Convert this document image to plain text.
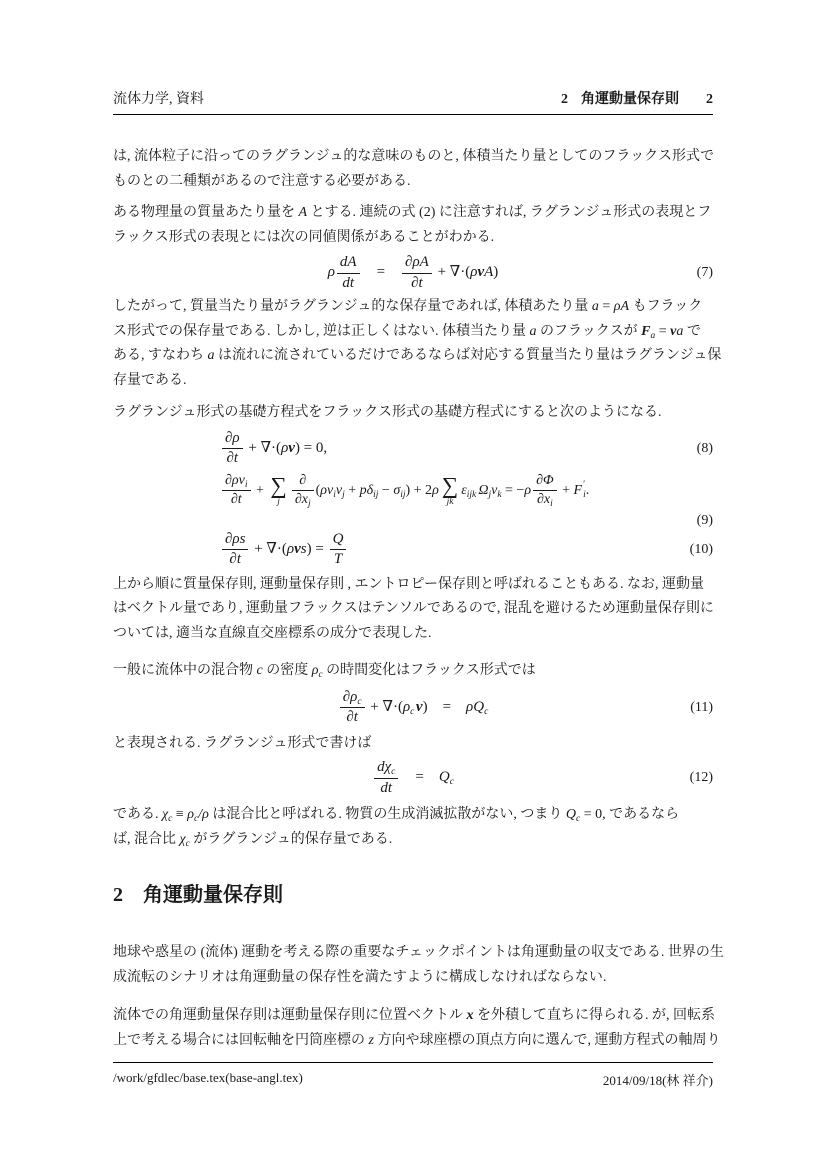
流体力学, 資料	2 角運動量保存則 2
は, 流体粒子に沿ってのラグランジュ的な意味のものと, 体積当たり量としてのフラックス形式で
ものとの二種類があるので注意する必要がある.
ある物理量の質量あたり量を A とする. 連続の式 (2) に注意すれば, ラグランジュ形式の表現とフ
ラックス形式の表現とには次の同値関係があることがわかる.
ρ $\frac{dA}{dt} = \frac{\partial\rho A}{\partial t} + \nabla\cdot(\rho vA)$	(7)
したがって, 質量当たり量がラグランジュ的な保存量であれば, 体積あたり量 a = ρA もフラック
ス形式での保存量である. しかし, 逆は正しくはない. 体積当たり量 a のフラックスが $F_a$ = va で
ある, すなわち a は流れに流されているだけであるならば対応する質量当たり量はラグランジュ保
存量である.
ラグランジュ形式の基礎方程式をフラックス形式の基礎方程式にすると次のようになる.
$\frac{\partial\rho}{\partial t} + \nabla\cdot(\rho v) = 0$,	(8)
$\frac{\partial\rho v_i}{\partial t}$ + ∑
j $\frac{\partial}{\partial x_j} (\rho v_iv_j + p\delta_{ij} - \sigma_{ij}) + 2\rho$ ∑
jk
$\varepsilon_{ijk}$ $\Omega_jv_k = -\rho \frac{\partial\Phi}{\partial x_i} + F$ ′
i .
(9)
$\frac{\partial\rho s}{\partial t} + \nabla\cdot(\rho vs) = \frac{Q}{T}$	(10)
上から順に質量保存則, 運動量保存則 , エントロピー保存則と呼ばれることもある. なお, 運動量
はベクトル量であり, 運動量フラックスはテンソルであるので, 混乱を避けるため運動量保存則に
ついては, 適当な直線直交座標系の成分で表現した.
一般に流体中の混合物 c の密度 $\rho_c$ の時間変化はフラックス形式では
$\frac{\partial\rho_c}{\partial t} + \nabla\cdot(\rho_c$ $v) = \rho Q_c$	(11)
と表現される. ラグランジュ形式で書けば
$\frac{d\chi_c}{dt} = Q_c$	(12)
である. $\chi_c \equiv \rho_c/\rho$ は混合比と呼ばれる. 物質の生成消滅拡散がない, つまり $Q_c = 0$, であるなら
ば, 混合比 $\chi_c$ がラグランジュ的保存量である.
2 角運動量保存則
地球や惑星の (流体) 運動を考える際の重要なチェックポイントは角運動量の収支である. 世界の生
成流転のシナリオは角運動量の保存性を満たすように構成しなければならない.
流体での角運動量保存則は運動量保存則に位置ベクトル x を外積して直ちに得られる. が, 回転系
上で考える場合には回転軸を円筒座標の z 方向や球座標の頂点方向に選んで, 運動方程式の軸周り
/work/gfdlec/base.tex(base-angl.tex)	2014/09/18(林 祥介)
